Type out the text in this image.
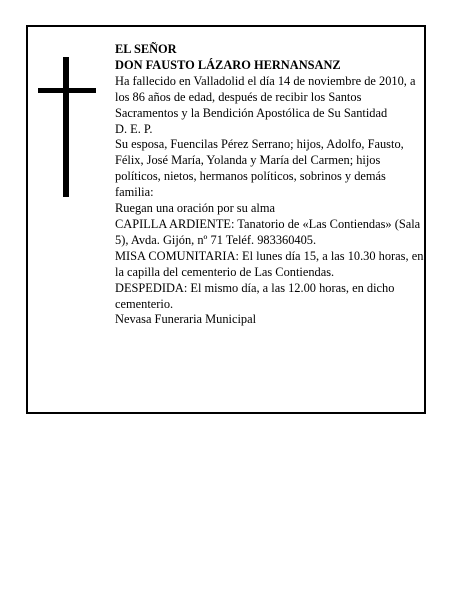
EL SEÑOR

DON FAUSTO LÁZARO HERNANSANZ

Ha fallecido en Valladolid el día 14 de noviembre de 2010, a los 86 años de edad, después de recibir los Santos Sacramentos y la Bendición Apostólica de Su Santidad

D. E. P.

Su esposa, Fuencilas Pérez Serrano; hijos, Adolfo, Fausto, Félix, José María, Yolanda y María del Carmen; hijos políticos, nietos, hermanos políticos, sobrinos y demás familia:

Ruegan una oración por su alma

CAPILLA ARDIENTE: Tanatorio de «Las Contiendas» (Sala 5), Avda. Gijón, nº 71 Teléf. 983360405.

MISA COMUNITARIA: El lunes día 15, a las 10.30 horas, en la capilla del cementerio de Las Contiendas.

DESPEDIDA: El mismo día, a las 12.00 horas, en dicho cementerio.

Nevasa Funeraria Municipal
